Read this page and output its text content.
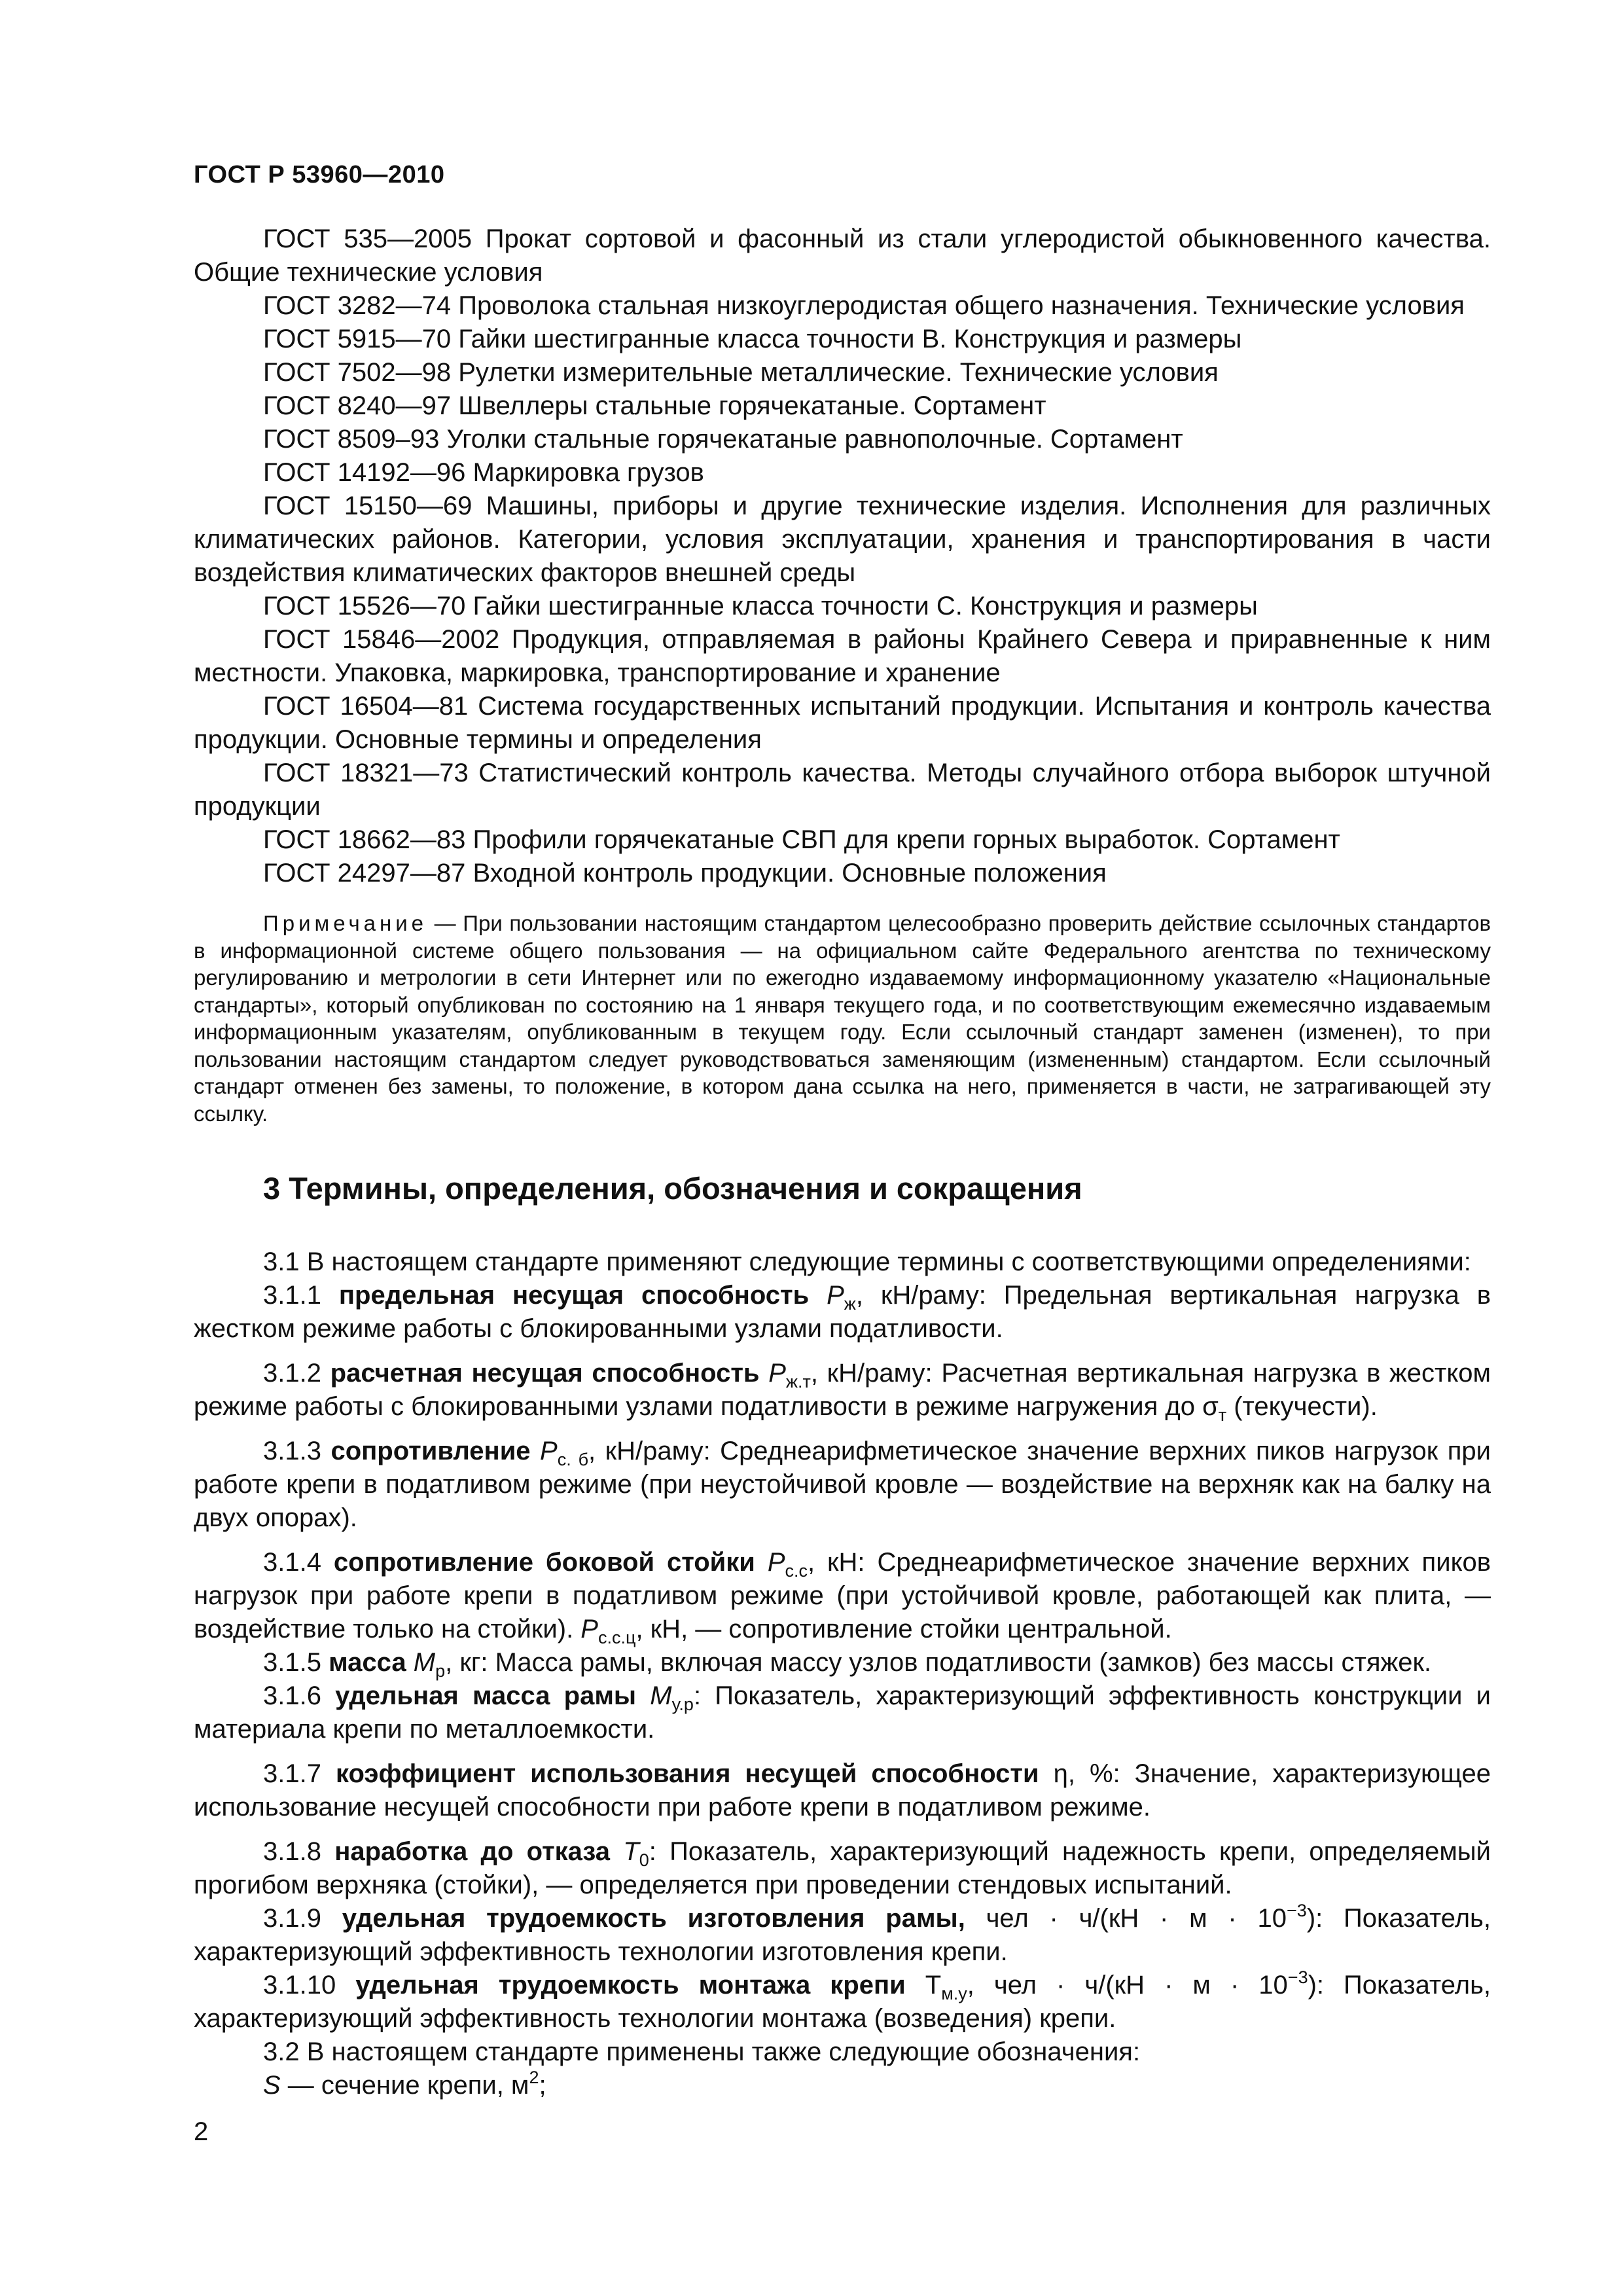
ГОСТ Р 53960—2010

ГОСТ 535—2005 Прокат сортовой и фасонный из стали углеродистой обыкновенного качества. Общие технические условия

ГОСТ 3282—74 Проволока стальная низкоуглеродистая общего назначения. Технические условия

ГОСТ 5915—70 Гайки шестигранные класса точности В. Конструкция и размеры

ГОСТ 7502—98 Рулетки измерительные металлические. Технические условия

ГОСТ 8240—97 Швеллеры стальные горячекатаные. Сортамент

ГОСТ 8509–93 Уголки стальные горячекатаные равнополочные. Сортамент

ГОСТ 14192—96 Маркировка грузов

ГОСТ 15150—69 Машины, приборы и другие технические изделия. Исполнения для различных климатических районов. Категории, условия эксплуатации, хранения и транспортирования в части воздействия климатических факторов внешней среды

ГОСТ 15526—70 Гайки шестигранные класса точности С. Конструкция и размеры

ГОСТ 15846—2002 Продукция, отправляемая в районы Крайнего Севера и приравненные к ним местности. Упаковка, маркировка, транспортирование и хранение

ГОСТ 16504—81 Система государственных испытаний продукции. Испытания и контроль качества продукции. Основные термины и определения

ГОСТ 18321—73 Статистический контроль качества. Методы случайного отбора выборок штучной продукции

ГОСТ 18662—83 Профили горячекатаные СВП для крепи горных выработок. Сортамент

ГОСТ 24297—87 Входной контроль продукции. Основные положения

Примечание — При пользовании настоящим стандартом целесообразно проверить действие ссылочных стандартов в информационной системе общего пользования — на официальном сайте Федерального агентства по техническому регулированию и метрологии в сети Интернет или по ежегодно издаваемому информационному указателю «Национальные стандарты», который опубликован по состоянию на 1 января текущего года, и по соответствующим ежемесячно издаваемым информационным указателям, опубликованным в текущем году. Если ссылочный стандарт заменен (изменен), то при пользовании настоящим стандартом следует руководствоваться заменяющим (измененным) стандартом. Если ссылочный стандарт отменен без замены, то положение, в котором дана ссылка на него, применяется в части, не затрагивающей эту ссылку.

3 Термины, определения, обозначения и сокращения

3.1 В настоящем стандарте применяют следующие термины с соответствующими определениями:

3.1.1 предельная несущая способность $P_ж$, кН/раму: Предельная вертикальная нагрузка в жестком режиме работы с блокированными узлами податливости.

3.1.2 расчетная несущая способность $P_{ж.т}$, кН/раму: Расчетная вертикальная нагрузка в жестком режиме работы с блокированными узлами податливости в режиме нагружения до $\sigma_т$ (текучести).

3.1.3 сопротивление $P_{с. б}$, кН/раму: Среднеарифметическое значение верхних пиков нагрузок при работе крепи в податливом режиме (при неустойчивой кровле — воздействие на верхняк как на балку на двух опорах).

3.1.4 сопротивление боковой стойки $P_{с.с}$, кН: Среднеарифметическое значение верхних пиков нагрузок при работе крепи в податливом режиме (при устойчивой кровле, работающей как плита, — воздействие только на стойки). $P_{с.с.ц}$, кН, — сопротивление стойки центральной.

3.1.5 масса $M_р$, кг: Масса рамы, включая массу узлов податливости (замков) без массы стяжек.

3.1.6 удельная масса рамы $M_{у.р}$: Показатель, характеризующий эффективность конструкции и материала крепи по металлоемкости.

3.1.7 коэффициент использования несущей способности η, %: Значение, характеризующее использование несущей способности при работе крепи в податливом режиме.

3.1.8 наработка до отказа $T_0$: Показатель, характеризующий надежность крепи, определяемый прогибом верхняка (стойки), — определяется при проведении стендовых испытаний.

3.1.9 удельная трудоемкость изготовления рамы, чел · $ч/(кН \cdot м \cdot 10^{-3})$: Показатель, характеризующий эффективность технологии изготовления крепи.

3.1.10 удельная трудоемкость монтажа крепи $Т_{м.у}$, чел · $ч/(кН \cdot м \cdot 10^{-3})$: Показатель, характеризующий эффективность технологии монтажа (возведения) крепи.

3.2 В настоящем стандарте применены также следующие обозначения:

S — сечение крепи, $м^2$;

2
